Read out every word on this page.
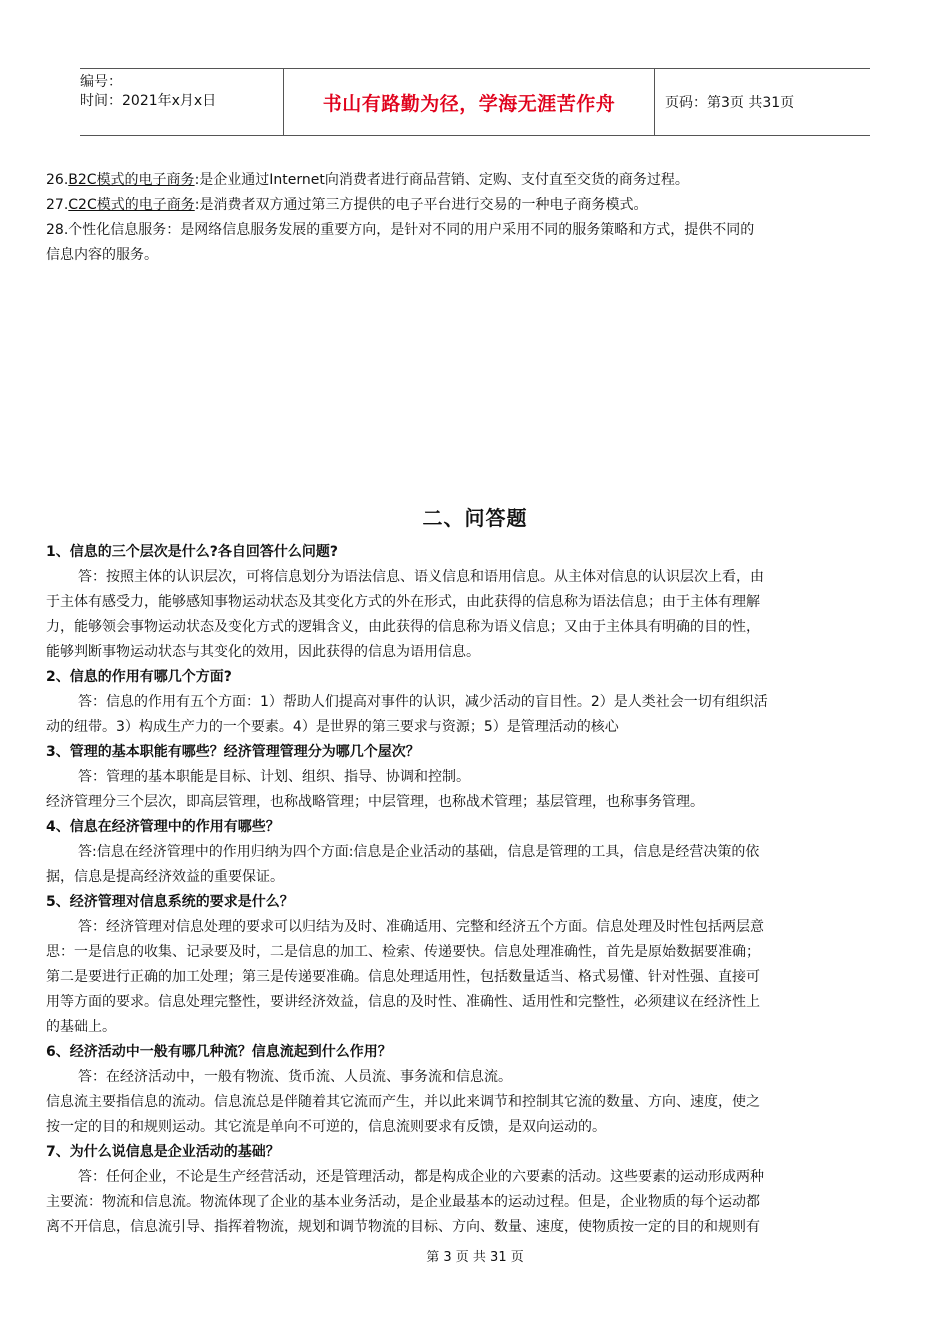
编号：
时间：2021年x月x日	书山有路勤为径，学海无涯苦作舟	页码：第3页 共31页
26.B2C模式的电子商务:是企业通过Internet向消费者进行商品营销、定购、支付直至交货的商务过程。
27.C2C模式的电子商务:是消费者双方通过第三方提供的电子平台进行交易的一种电子商务模式。
28.个性化信息服务：是网络信息服务发展的重要方向，是针对不同的用户采用不同的服务策略和方式，提供不同的
信息内容的服务。
二、问答题
1、信息的三个层次是什么?各自回答什么问题?
答：按照主体的认识层次，可将信息划分为语法信息、语义信息和语用信息。从主体对信息的认识层次上看，由
于主体有感受力，能够感知事物运动状态及其变化方式的外在形式，由此获得的信息称为语法信息；由于主体有理解
力，能够领会事物运动状态及变化方式的逻辑含义，由此获得的信息称为语义信息；又由于主体具有明确的目的性，
能够判断事物运动状态与其变化的效用，因此获得的信息为语用信息。
2、信息的作用有哪几个方面?
答：信息的作用有五个方面：1）帮助人们提高对事件的认识，减少活动的盲目性。2）是人类社会一切有组织活
动的纽带。3）构成生产力的一个要素。4）是世界的第三要求与资源；5）是管理活动的核心
3、管理的基本职能有哪些？经济管理管理分为哪几个屋次？
答：管理的基本职能是目标、计划、组织、指导、协调和控制。
经济管理分三个层次，即高层管理，也称战略管理；中层管理，也称战术管理；基层管理，也称事务管理。
4、信息在经济管理中的作用有哪些？
答:信息在经济管理中的作用归纳为四个方面:信息是企业活动的基础，信息是管理的工具，信息是经营决策的依
据，信息是提高经济效益的重要保证。
5、经济管理对信息系统的要求是什么？
答：经济管理对信息处理的要求可以归结为及时、准确适用、完整和经济五个方面。信息处理及时性包括两层意
思：一是信息的收集、记录要及时，二是信息的加工、检索、传递要快。信息处理准确性，首先是原始数据要准确；
第二是要进行正确的加工处理；第三是传递要准确。信息处理适用性，包括数量适当、格式易懂、针对性强、直接可
用等方面的要求。信息处理完整性，要讲经济效益，信息的及时性、准确性、适用性和完整性，必须建议在经济性上
的基础上。
6、经济活动中一般有哪几种流？信息流起到什么作用？
答：在经济活动中，一般有物流、货币流、人员流、事务流和信息流。
信息流主要指信息的流动。信息流总是伴随着其它流而产生，并以此来调节和控制其它流的数量、方向、速度，使之
按一定的目的和规则运动。其它流是单向不可逆的，信息流则要求有反馈，是双向运动的。
7、为什么说信息是企业活动的基础？
答：任何企业，不论是生产经营活动，还是管理活动，都是构成企业的六要素的活动。这些要素的运动形成两种
主要流：物流和信息流。物流体现了企业的基本业务活动，是企业最基本的运动过程。但是，企业物质的每个运动都
离不开信息，信息流引导、指挥着物流，规划和调节物流的目标、方向、数量、速度，使物质按一定的目的和规则有
第 3 页 共 31 页
